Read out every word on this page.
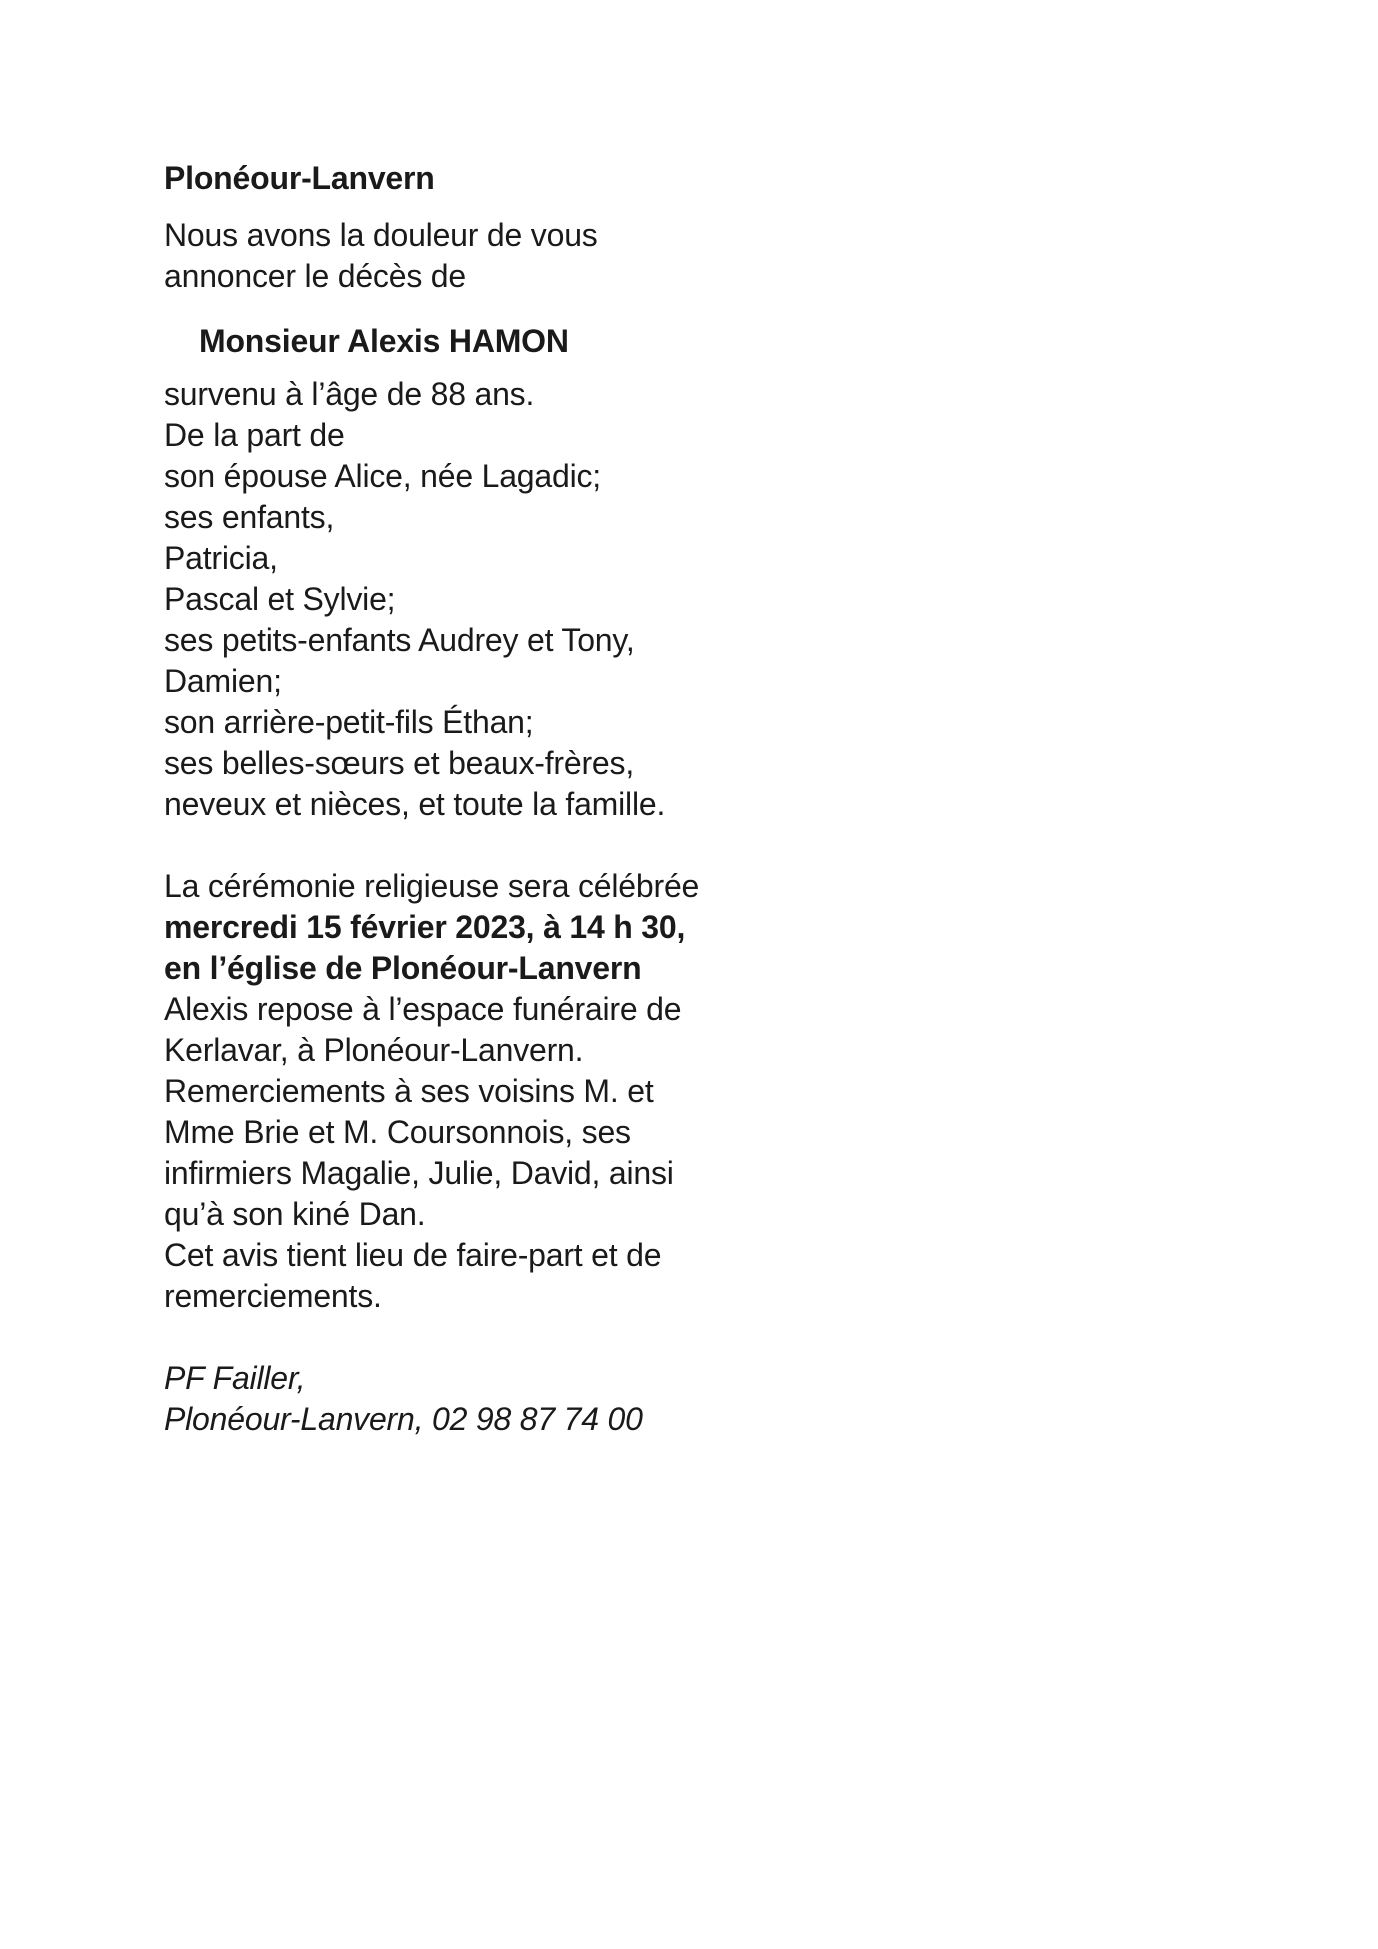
Plonéour-Lanvern
Nous avons la douleur de vous
annoncer le décès de
Monsieur Alexis HAMON
survenu à l’âge de 88 ans.
De la part de
son épouse Alice, née Lagadic;
ses enfants,
Patricia,
Pascal et Sylvie;
ses petits-enfants Audrey et Tony,
Damien;
son arrière-petit-fils Éthan;
ses belles-sœurs et beaux-frères,
neveux et nièces, et toute la famille.
La cérémonie religieuse sera célébrée
mercredi 15 février 2023, à 14 h 30,
en l’église de Plonéour-Lanvern
Alexis repose à l’espace funéraire de
Kerlavar, à Plonéour-Lanvern.
Remerciements à ses voisins M. et
Mme Brie et M. Coursonnois, ses
infirmiers Magalie, Julie, David, ainsi
qu’à son kiné Dan.
Cet avis tient lieu de faire-part et de
remerciements.
PF Failler,
Plonéour-Lanvern, 02 98 87 74 00
